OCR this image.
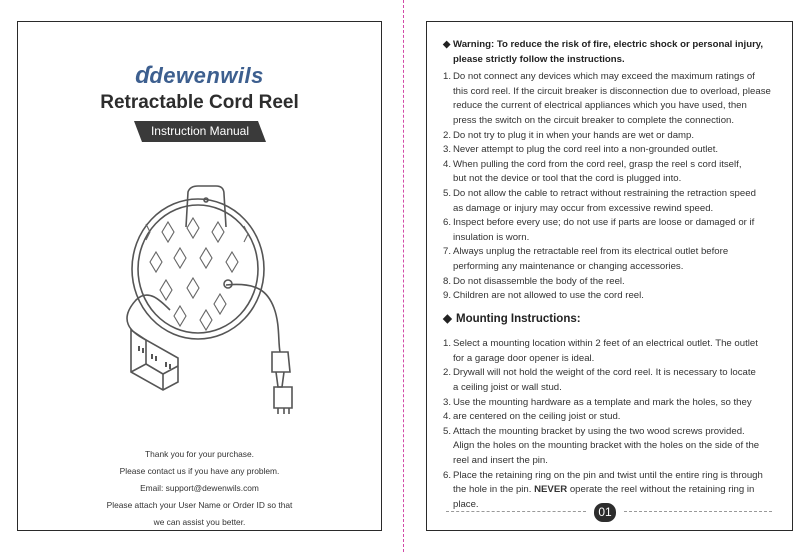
ɗdewenwils
Retractable Cord Reel
Instruction Manual
Thank you for your purchase.
Please contact us if you have any problem.
Email: support@dewenwils.com
Please attach your User Name or Order ID so that
we can assist you better.
◆ Warning: To reduce the risk of fire, electric shock or personal injury,
please strictly follow the instructions.
1. Do not connect any devices which may exceed the maximum ratings of
this cord reel. If the circuit breaker is disconnection due to overload, please
reduce the current of electrical appliances which you have used, then
press the switch on the circuit breaker to complete the connection.
2. Do not try to plug it in when your hands are wet or damp.
3. Never attempt to plug the cord reel into a non-grounded outlet.
4. When pulling the cord from the cord reel, grasp the reel s cord itself,
but not the device or tool that the cord is plugged into.
5. Do not allow the cable to retract without restraining the retraction speed
as damage or injury may occur from excessive rewind speed.
6. Inspect before every use; do not use if parts are loose or damaged or if
insulation is worn.
7. Always unplug the retractable reel from its electrical outlet before
performing any maintenance or changing accessories.
8. Do not disassemble the body of the reel.
9. Children are not allowed to use the cord reel.
◆ Mounting Instructions:
1. Select a mounting location within 2 feet of an electrical outlet. The outlet
for a garage door opener is ideal.
2. Drywall will not hold the weight of the cord reel. It is necessary to locate
a ceiling joist or wall stud.
3. Use the mounting hardware as a template and mark the holes, so they
4. are centered on the ceiling joist or stud.
5. Attach the mounting bracket by using the two wood screws provided.
Align the holes on the mounting bracket with the holes on the side of the
reel and insert the pin.
6. Place the retaining ring on the pin and twist until the entire ring is through
the hole in the pin. NEVER operate the reel without the retaining ring in
place.
01
